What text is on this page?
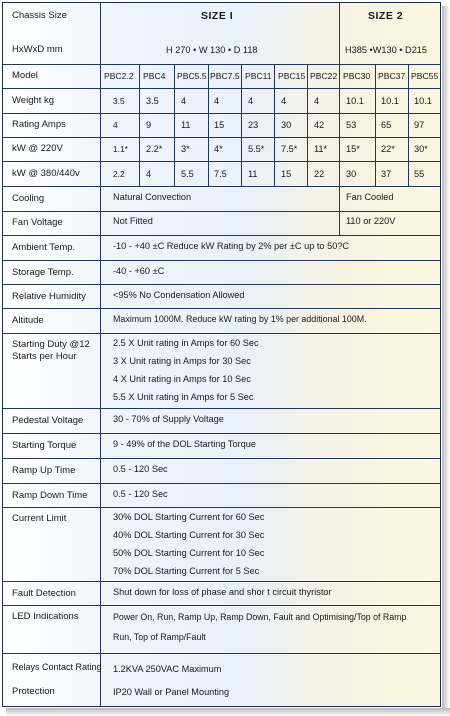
Chassis Size
HxWxD mm
SIZE I	SIZE 2
H 270 • W 130 • D 118	H385 •W130 • D215
Model	PBC2.2 PBC4 PBC5.5 PBC7.5 PBC11 PBC15 PBC22 PBC30 PBC37 PBC55
Weight kg	3.5 3.5 4	4	4	4	4	10.1 10.1 10.1
Rating Amps	4	9	11	15	23 30 42 53	65 97
kW @ 220V	1.1* 2.2* 3*	4*	5.5* 7.5* 11* 15* 22* 30*
kW @ 380/440v	2.2 4	5.5 7.5 11	15 22 30	37 55
Cooling	Natural Convection	Fan Cooled
Fan Voltage	Not Fitted	110 or 220V
Ambient Temp.	-10 - +40 ±C Reduce kW Rating by 2% per ±C up to 50?C
Storage Temp.	-40 - +60 ±C
Relative Humidity	<95% No Condensation Allowed
Altitude	Maximum 1000M. Reduce kW rating by 1% per additional 100M.
Starting Duty @12 Starts per Hour
2.5 X Unit rating in Amps for 60 Sec
3 X Unit rating in Amps for 30 Sec
4 X Unit rating in Amps for 10 Sec
5.5 X Unit rating in Amps for 5 Sec
Pedestal Voltage	30 - 70% of Supply Voltage
Starting Torque	9 - 49% of the DOL Starting Torque
Ramp Up Time	0.5 - 120 Sec
Ramp Down Time	0.5 - 120 Sec
Current Limit	30% DOL Starting Current for 60 Sec
40% DOL Starting Current for 30 Sec
50% DOL Starting Current for 10 Sec
70% DOL Starting Current for 5 Sec
Fault Detection	Shut down for loss of phase and shor t circuit thyristor
LED Indications	Power On, Run, Ramp Up, Ramp Down, Fault and Optimising/Top of Ramp
Run, Top of Ramp/Fault
Relays Contact Rating 1.2KVA 250VAC Maximum
Protection	IP20 Wall or Panel Mounting
